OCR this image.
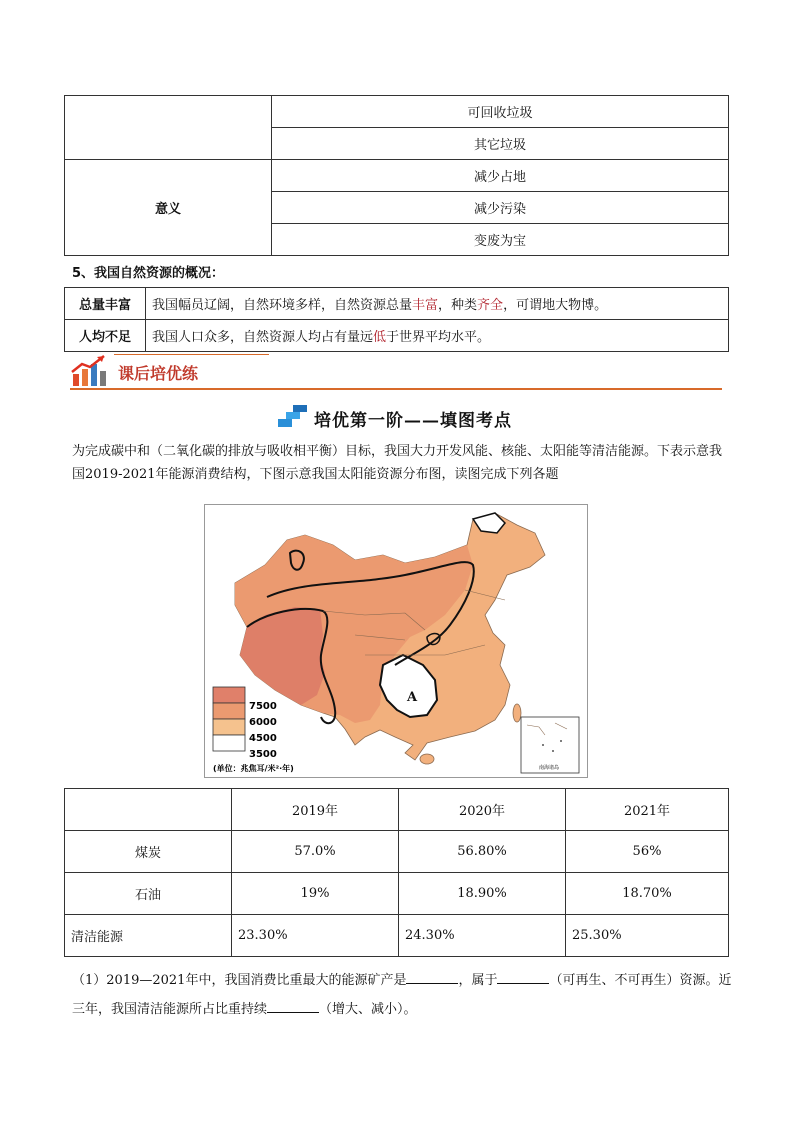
	可回收垃圾
	其它垃圾
意义	减少占地
	减少污染
	变废为宝
5、我国自然资源的概况：
总量丰富	我国幅员辽阔，自然环境多样，自然资源总量丰富，种类齐全，可谓地大物博。
人均不足	我国人口众多，自然资源人均占有量远低于世界平均水平。
课后培优练
培优第一阶——填图考点
为完成碳中和（二氧化碳的排放与吸收相平衡）目标，我国大力开发风能、核能、太阳能等清洁能源。下表示意我国2019-2021年能源消费结构，下图示意我国太阳能资源分布图，读图完成下列各题
A
7500
6000
4500
3500
(单位：兆焦耳/米²·年)	南海诸岛
	2019年	2020年	2021年
煤炭	57.0%	56.80%	56%
石油	19%	18.90%	18.70%
清洁能源	23.30%	24.30%	25.30%
（1）2019—2021年中，我国消费比重最大的能源矿产是	，属于	（可再生、不可再生）资源。近三年，我国清洁能源所占比重持续	（增大、减小）。
